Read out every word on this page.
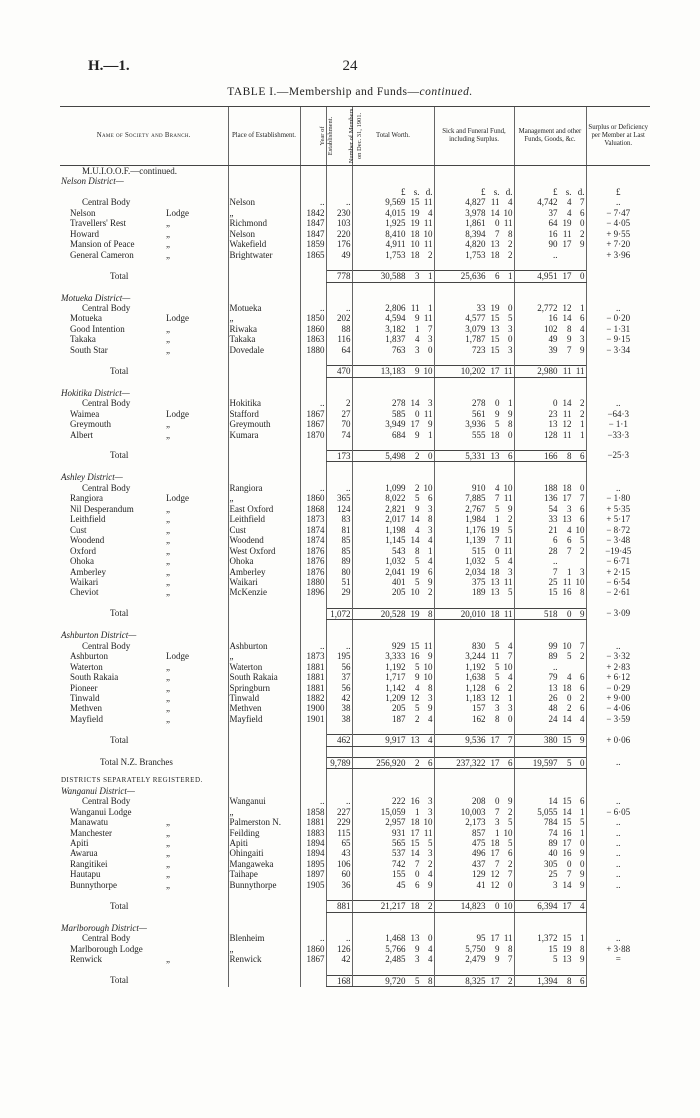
H.—1.	24
TABLE I.—Membership and Funds—continued.
Name of Society and Branch.	Place of Establishment.	Year of Establishment.	Number of Members on Dec. 31, 1901.	Total Worth.	Sick and Funeral Fund, including Surplus.	Management and other Funds, Goods, &c.	Surplus or Deficiency per Member at Last Valuation.
M.U.I.O.O.F.—continued.							
Nelson District—							

				£ s. d.	£ s. d.	£ s. d.	£
Central Body	Nelson	..	..	9,569 15 11	4,827 11 4	4,742 4 7	..
Nelson Lodge	„	1842	230	4,015 19 4	3,978 14 10	37 4 6	− 7·47
Travellers' Rest „	Richmond	1847	103	1,925 19 11	1,861 0 11	64 19 0	− 4·05
Howard „	Nelson	1847	220	8,410 18 10	8,394 7 8	16 11 2	+ 9·55
Mansion of Peace „	Wakefield	1859	176	4,911 10 11	4,820 13 2	90 17 9	+ 7·20
General Cameron „	Brightwater	1865	49	1,753 18 2	1,753 18 2	..	+ 3·96

Total			778	30,588 3 1	25,636 6 1	4,951 17 0	

Motueka District—							
Central Body	Motueka	..	..	2,806 11 1	33 19 0	2,772 12 1	..
Motueka Lodge	„	1850	202	4,594 9 11	4,577 15 5	16 14 6	− 0·20
Good Intention „	Riwaka	1860	88	3,182 1 7	3,079 13 3	102 8 4	− 1·31
Takaka „	Takaka	1863	116	1,837 4 3	1,787 15 0	49 9 3	− 9·15
South Star „	Dovedale	1880	64	763 3 0	723 15 3	39 7 9	− 3·34

Total			470	13,183 9 10	10,202 17 11	2,980 11 11	

Hokitika District—							
Central Body	Hokitika	..	2	278 14 3	278 0 1	0 14 2	..
Waimea Lodge	Stafford	1867	27	585 0 11	561 9 9	23 11 2	−64·3
Greymouth „	Greymouth	1867	70	3,949 17 9	3,936 5 8	13 12 1	− 1·1
Albert „	Kumara	1870	74	684 9 1	555 18 0	128 11 1	−33·3

Total			173	5,498 2 0	5,331 13 6	166 8 6	−25·3

Ashley District—							
Central Body	Rangiora	..	..	1,099 2 10	910 4 10	188 18 0	..
Rangiora Lodge	„	1860	365	8,022 5 6	7,885 7 11	136 17 7	− 1·80
Nil Desperandum „	East Oxford	1868	124	2,821 9 3	2,767 5 9	54 3 6	+ 5·35
Leithfield „	Leithfield	1873	83	2,017 14 8	1,984 1 2	33 13 6	+ 5·17
Cust „	Cust	1874	81	1,198 4 3	1,176 19 5	21 4 10	− 8·72
Woodend „	Woodend	1874	85	1,145 14 4	1,139 7 11	6 6 5	− 3·48
Oxford „	West Oxford	1876	85	543 8 1	515 0 11	28 7 2	−19·45
Ohoka „	Ohoka	1876	89	1,032 5 4	1,032 5 4	..	− 6·71
Amberley „	Amberley	1876	80	2,041 19 6	2,034 18 3	7 1 3	+ 2·15
Waikari „	Waikari	1880	51	401 5 9	375 13 11	25 11 10	− 6·54
Cheviot „	McKenzie	1896	29	205 10 2	189 13 5	15 16 8	− 2·61

Total			1,072	20,528 19 8	20,010 18 11	518 0 9	− 3·09

Ashburton District—							
Central Body	Ashburton	..	..	929 15 11	830 5 4	99 10 7	..
Ashburton Lodge	„	1873	195	3,333 16 9	3,244 11 7	89 5 2	− 3·32
Waterton „	Waterton	1881	56	1,192 5 10	1,192 5 10	..	+ 2·83
South Rakaia „	South Rakaia	1881	37	1,717 9 10	1,638 5 4	79 4 6	+ 6·12
Pioneer „	Springburn	1881	56	1,142 4 8	1,128 6 2	13 18 6	− 0·29
Tinwald „	Tinwald	1882	42	1,209 12 3	1,183 12 1	26 0 2	+ 9·00
Methven „	Methven	1900	38	205 5 9	157 3 3	48 2 6	− 4·06
Mayfield „	Mayfield	1901	38	187 2 4	162 8 0	24 14 4	− 3·59

Total			462	9,917 13 4	9,536 17 7	380 15 9	+ 0·06

Total N.Z. Branches			9,789	256,920 2 6	237,322 17 6	19,597 5 0	..

DISTRICTS SEPARATELY REGISTERED.							
Wanganui District—							
Central Body	Wanganui	..	..	222 16 3	208 0 9	14 15 6	..
Wanganui Lodge	„	1858	227	15,059 1 3	10,003 7 2	5,055 14 1	− 6·05
Manawatu „	Palmerston N.	1881	229	2,957 18 10	2,173 3 5	784 15 5	..
Manchester „	Feilding	1883	115	931 17 11	857 1 10	74 16 1	..
Apiti „	Apiti	1894	65	565 15 5	475 18 5	89 17 0	..
Awarua „	Ohingaiti	1894	43	537 14 3	496 17 6	40 16 9	..
Rangitikei „	Mangaweka	1895	106	742 7 2	437 7 2	305 0 0	..
Hautapu „	Taihape	1897	60	155 0 4	129 12 7	25 7 9	..
Bunnythorpe „	Bunnythorpe	1905	36	45 6 9	41 12 0	3 14 9	..

Total			881	21,217 18 2	14,823 0 10	6,394 17 4	

Marlborough District—							
Central Body	Blenheim	..	..	1,468 13 0	95 17 11	1,372 15 1	..
Marlborough Lodge	„	1860	126	5,766 9 4	5,750 9 8	15 19 8	+ 3·88
Renwick „	Renwick	1867	42	2,485 3 4	2,479 9 7	5 13 9	=

Total			168	9,720 5 8	8,325 17 2	1,394 8 6	
